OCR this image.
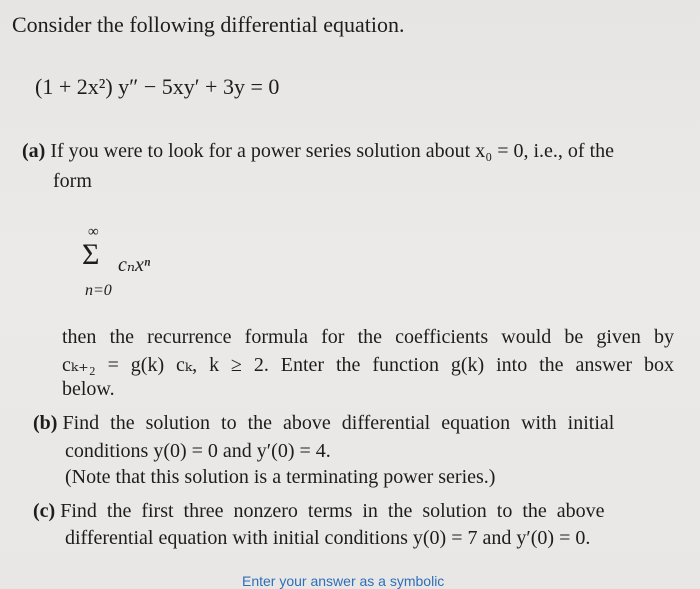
Consider the following differential equation.
(1 + 2x²) y″ − 5xy′ + 3y = 0
(a) If you were to look for a power series solution about x₀ = 0, i.e., of the
form
∞
Σ cₙxⁿ
n=0
then the recurrence formula for the coefficients would be given by
cₖ₊₂ = g(k) cₖ, k ≥ 2. Enter the function g(k) into the answer box
below.
(b) Find the solution to the above differential equation with initial
conditions y(0) = 0 and y′(0) = 4.
(Note that this solution is a terminating power series.)
(c) Find the first three nonzero terms in the solution to the above
differential equation with initial conditions y(0) = 7 and y′(0) = 0.
Enter your answer as a symbolic
